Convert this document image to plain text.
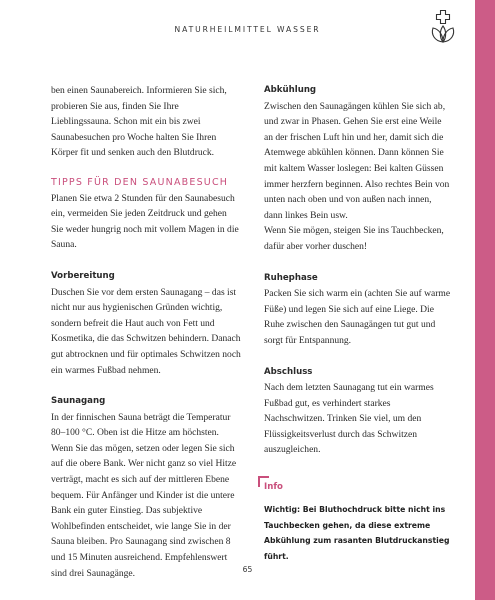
NATURHEILMITTEL WASSER

ben einen Saunabereich. Informieren Sie sich, probieren Sie aus, finden Sie Ihre Lieblingssauna. Schon mit ein bis zwei Saunabesuchen pro Woche halten Sie Ihren Körper fit und senken auch den Blutdruck.

TIPPS FÜR DEN SAUNABESUCH

Planen Sie etwa 2 Stunden für den Saunabesuch ein, vermeiden Sie jeden Zeitdruck und gehen Sie weder hungrig noch mit vollem Magen in die Sauna.

Vorbereitung

Duschen Sie vor dem ersten Saunagang – das ist nicht nur aus hygienischen Gründen wichtig, sondern befreit die Haut auch von Fett und Kosmetika, die das Schwitzen behindern. Danach gut abtrocknen und für optimales Schwitzen noch ein warmes Fußbad nehmen.

Saunagang

In der finnischen Sauna beträgt die Temperatur 80–100 °C. Oben ist die Hitze am höchsten. Wenn Sie das mögen, setzen oder legen Sie sich auf die obere Bank. Wer nicht ganz so viel Hitze verträgt, macht es sich auf der mittleren Ebene bequem. Für Anfänger und Kinder ist die untere Bank ein guter Einstieg. Das subjektive Wohlbefinden entscheidet, wie lange Sie in der Sauna bleiben. Pro Saunagang sind zwischen 8 und 15 Minuten ausreichend. Empfehlenswert sind drei Saunagänge.

Abkühlung

Zwischen den Saunagängen kühlen Sie sich ab, und zwar in Phasen. Gehen Sie erst eine Weile an der frischen Luft hin und her, damit sich die Atemwege abkühlen können. Dann können Sie mit kaltem Wasser loslegen: Bei kalten Güssen immer herzfern beginnen. Also rechtes Bein von unten nach oben und von außen nach innen, dann linkes Bein usw.

Wenn Sie mögen, steigen Sie ins Tauchbecken, dafür aber vorher duschen!

Ruhephase

Packen Sie sich warm ein (achten Sie auf warme Füße) und legen Sie sich auf eine Liege. Die Ruhe zwischen den Saunagängen tut gut und sorgt für Entspannung.

Abschluss

Nach dem letzten Saunagang tut ein warmes Fußbad gut, es verhindert starkes Nachschwitzen. Trinken Sie viel, um den Flüssigkeitsverlust durch das Schwitzen auszugleichen.

Info
Wichtig: Bei Bluthochdruck bitte nicht ins Tauchbecken gehen, da diese extreme Abkühlung zum rasanten Blutdruckanstieg führt.
65
